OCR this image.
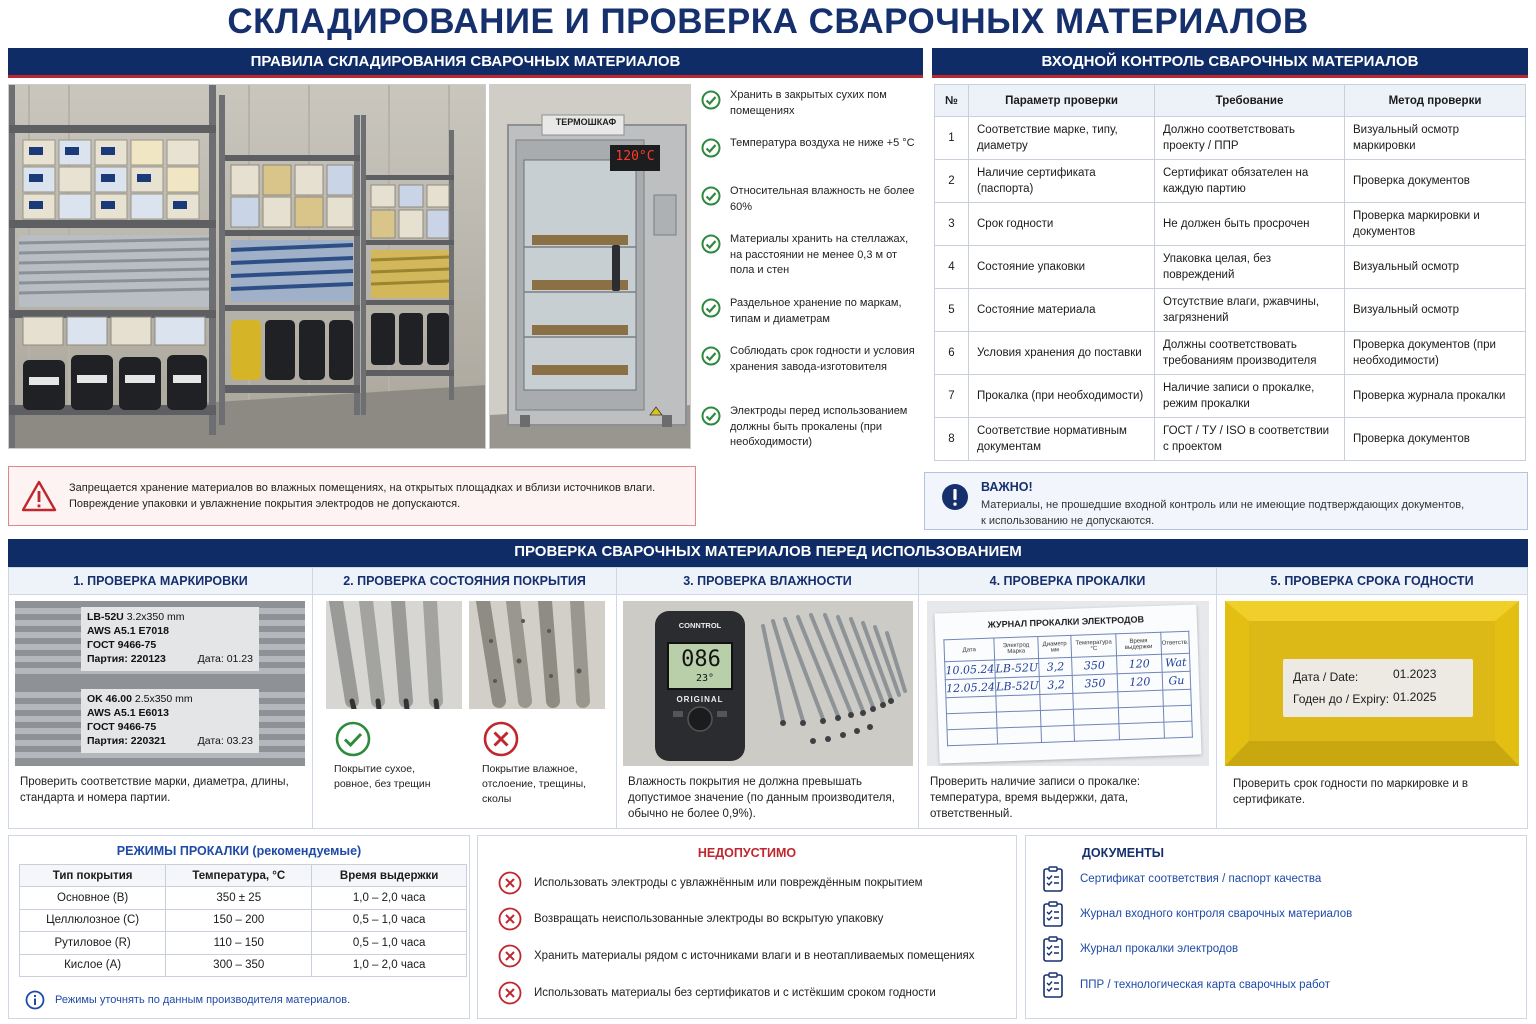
СКЛАДИРОВАНИЕ И ПРОВЕРКА СВАРОЧНЫХ МАТЕРИАЛОВ
ПРАВИЛА СКЛАДИРОВАНИЯ СВАРОЧНЫХ МАТЕРИАЛОВ
ТЕРМОШКАФ
120°C
Хранить в закрытых сухих пом помещениях
Температура воздуха не ниже +5 °С
Относительная влажность не более 60%
Материалы хранить на стеллажах, на расстоянии не менее 0,3 м от пола и стен
Раздельное хранение по маркам, типам и диаметрам
Соблюдать срок годности и условия хранения завода-изготовителя
Электроды перед использованием должны быть прокалены (при необходимости)
Запрещается хранение материалов во влажных помещениях, на открытых площадках и вблизи источников влаги.
Повреждение упаковки и увлажнение покрытия электродов не допускаются.
ВХОДНОЙ КОНТРОЛЬ СВАРОЧНЫХ МАТЕРИАЛОВ
№	Параметр проверки	Требование	Метод проверки
1	Соответствие марке, типу, диаметру	Должно соответствовать проекту / ППР	Визуальный осмотр маркировки
2	Наличие сертификата (паспорта)	Сертификат обязателен на каждую партию	Проверка документов
3	Срок годности	Не должен быть просрочен	Проверка маркировки и документов
4	Состояние упаковки	Упаковка целая, без повреждений	Визуальный осмотр
5	Состояние материала	Отсутствие влаги, ржавчины, загрязнений	Визуальный осмотр
6	Условия хранения до поставки	Должны соответствовать требованиям производителя	Проверка документов (при необходимости)
7	Прокалка (при необходимости)	Наличие записи о прокалке, режим прокалки	Проверка журнала прокалки
8	Соответствие нормативным документам	ГОСТ / ТУ / ISO в соответствии с проектом	Проверка документов
ВАЖНО!
Материалы, не прошедшие входной контроль или не имеющие подтверждающих документов,
к использованию не допускаются.
ПРОВЕРКА СВАРОЧНЫХ МАТЕРИАЛОВ ПЕРЕД ИСПОЛЬЗОВАНИЕМ
1. ПРОВЕРКА МАРКИРОВКИ
LB-52U 3.2x350 mm
AWS A5.1 E7018
ГОСТ 9466-75
Партия: 220123	Дата: 01.23
OK 46.00 2.5x350 mm
AWS A5.1 E6013
ГОСТ 9466-75
Партия: 220321	Дата: 03.23
Проверить соответствие марки, диаметра, длины, стандарта и номера партии.
2. ПРОВЕРКА СОСТОЯНИЯ ПОКРЫТИЯ
Покрытие сухое, ровное, без трещин
Покрытие влажное, отслоение, трещины, сколы
3. ПРОВЕРКА ВЛАЖНОСТИ
CONNTROL
086
23°
ORIGINAL
Влажность покрытия не должна превышать допустимое значение (по данным производителя, обычно не более 0,9%).
4. ПРОВЕРКА ПРОКАЛКИ
ЖУРНАЛ ПРОКАЛКИ ЭЛЕКТРОДОВ
Дата	Электрод Марка	Диаметр мм	Температура °С	Время выдержки	Ответств.
10.05.24	LB-52U	3,2	350	120	Wat
12.05.24	LB-52U	3,2	350	120	Gu

Проверить наличие записи о прокалке: температура, время выдержки, дата, ответственный.
5. ПРОВЕРКА СРОКА ГОДНОСТИ
Дата / Date:	01.2023
Годен до / Expiry: 01.2025
Проверить срок годности по маркировке и в сертификате.
РЕЖИМЫ ПРОКАЛКИ (рекомендуемые)
Тип покрытия	Температура, °С	Время выдержки
Основное (B)	350 ± 25	1,0 – 2,0 часа
Целлюлозное (C)	150 – 200	0,5 – 1,0 часа
Рутиловое (R)	110 – 150	0,5 – 1,0 часа
Кислое (A)	300 – 350	1,0 – 2,0 часа
Режимы уточнять по данным производителя материалов.
НЕДОПУСТИМО
Использовать электроды с увлажнённым или повреждённым покрытием
Возвращать неиспользованные электроды во вскрытую упаковку
Хранить материалы рядом с источниками влаги и в неотапливаемых помещениях
Использовать материалы без сертификатов и с истёкшим сроком годности
ДОКУМЕНТЫ
Сертификат соответствия / паспорт качества
Журнал входного контроля сварочных материалов
Журнал прокалки электродов
ППР / технологическая карта сварочных работ
